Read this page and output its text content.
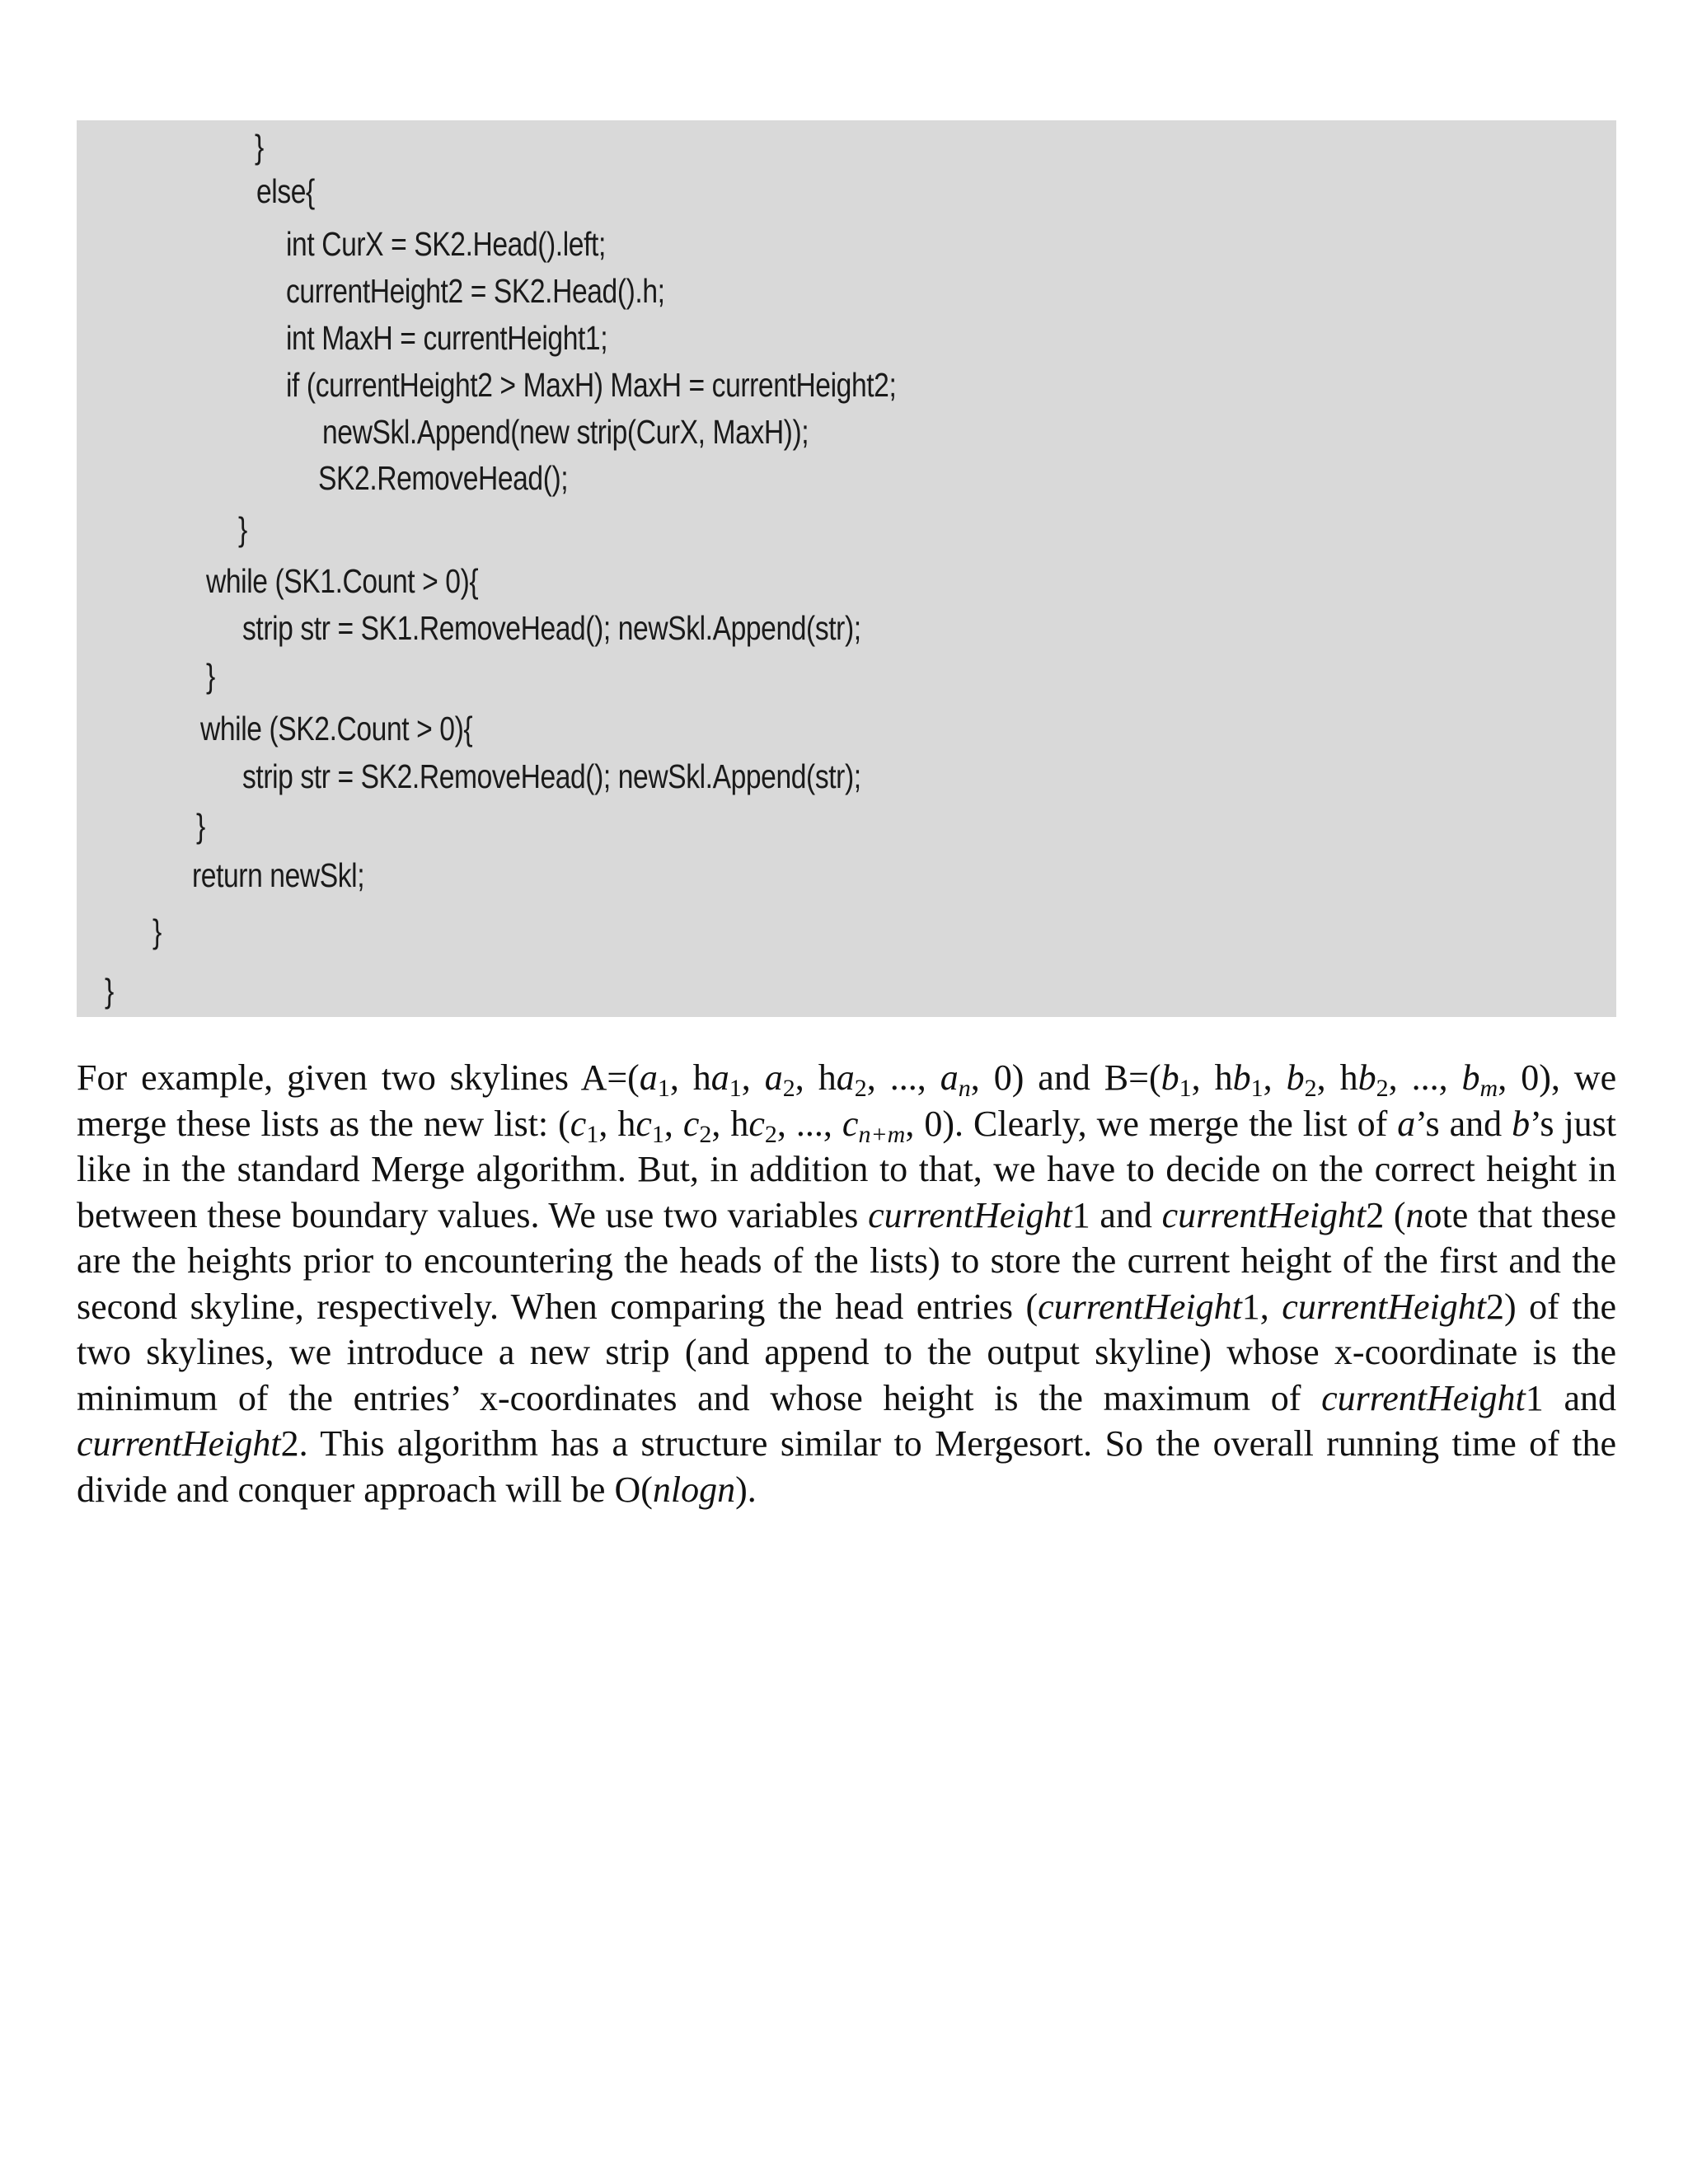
}
else{
int CurX = SK2.Head().left;
currentHeight2 = SK2.Head().h;
int MaxH = currentHeight1;
if (currentHeight2 > MaxH) MaxH = currentHeight2;
newSkl.Append(new strip(CurX, MaxH));
SK2.RemoveHead();
}
while (SK1.Count > 0){
strip str = SK1.RemoveHead(); newSkl.Append(str);
}
while (SK2.Count > 0){
strip str = SK2.RemoveHead(); newSkl.Append(str);
}
return newSkl;
}
}

For example, given two skylines $A=(a_1$, $ha_1$, $a_2$, $ha_2$, ..., $a_n$, 0) and $B=(b_1$, $hb_1$, $b_2$, $hb_2$, ..., $b_m$, 0), we merge these lists as the new list: ($c_1$, $hc_1$, $c_2$, $hc_2$, ..., $c_{n+m}$, 0). Clearly, we merge the list of a’s and b’s just like in the standard Merge algorithm. But, in addition to that, we have to decide on the correct height in between these boundary values. We use two variables currentHeight1 and currentHeight2 (note that these are the heights prior to encountering the heads of the lists) to store the current height of the first and the second skyline, respectively. When comparing the head entries (currentHeight1, currentHeight2) of the two skylines, we introduce a new strip (and append to the output skyline) whose x-coordinate is the minimum of the entries’ x-coordinates and whose height is the maximum of currentHeight1 and currentHeight2. This algorithm has a structure similar to Mergesort. So the overall running time of the divide and conquer approach will be O(nlogn).
